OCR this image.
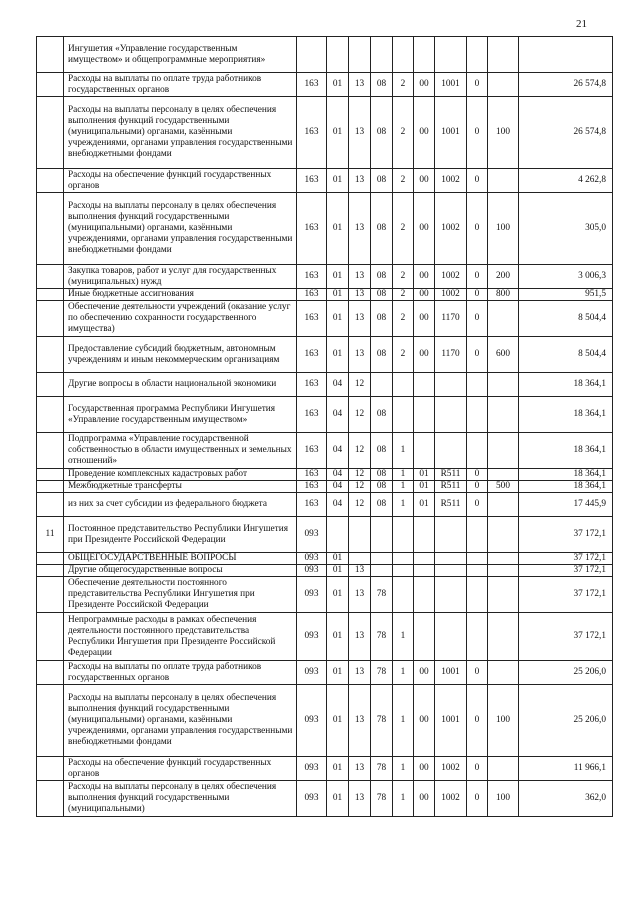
21
	Ингушетия «Управление государственным имуществом» и общепрограммные мероприятия»										
	Расходы на выплаты по оплате труда работников государственных органов	163	01	13	08	2	00	1001	0		26 574,8
	Расходы на выплаты персоналу в целях обеспечения выполнения функций государственными (муниципальными) органами, казёнными учреждениями, органами управления государственными внебюджетными фондами	163	01	13	08	2	00	1001	0	100	26 574,8
	Расходы на обеспечение функций государственных органов	163	01	13	08	2	00	1002	0		4 262,8
	Расходы на выплаты персоналу в целях обеспечения выполнения функций государственными (муниципальными) органами, казёнными учреждениями, органами управления государственными внебюджетными фондами	163	01	13	08	2	00	1002	0	100	305,0
	Закупка товаров, работ и услуг для государственных (муниципальных) нужд	163	01	13	08	2	00	1002	0	200	3 006,3
	Иные бюджетные ассигнования	163	01	13	08	2	00	1002	0	800	951,5
	Обеспечение деятельности учреждений (оказание услуг по обеспечению сохранности государственного имущества)	163	01	13	08	2	00	1170	0		8 504,4
	Предоставление субсидий бюджетным, автономным учреждениям и иным некоммерческим организациям	163	01	13	08	2	00	1170	0	600	8 504,4
	Другие вопросы в области национальной экономики	163	04	12							18 364,1
	Государственная программа Республики Ингушетия «Управление государственным имуществом»	163	04	12	08						18 364,1
	Подпрограмма «Управление государственной собственностью в области имущественных и земельных отношений»	163	04	12	08	1					18 364,1
	Проведение комплексных кадастровых работ	163	04	12	08	1	01	R511	0		18 364,1
	Межбюджетные трансферты	163	04	12	08	1	01	R511	0	500	18 364,1
	из них за счет субсидии из федерального бюджета	163	04	12	08	1	01	R511	0		17 445,9
11	Постоянное представительство Республики Ингушетия при Президенте Российской Федерации	093									37 172,1
	ОБЩЕГОСУДАРСТВЕННЫЕ ВОПРОСЫ	093	01								37 172,1
	Другие общегосударственные вопросы	093	01	13							37 172,1
	Обеспечение деятельности постоянного представительства Республики Ингушетия при Президенте Российской Федерации	093	01	13	78						37 172,1
	Непрограммные расходы в рамках обеспечения деятельности постоянного представительства Республики Ингушетия при Президенте Российской Федерации	093	01	13	78	1					37 172,1
	Расходы на выплаты по оплате труда работников государственных органов	093	01	13	78	1	00	1001	0		25 206,0
	Расходы на выплаты персоналу в целях обеспечения выполнения функций государственными (муниципальными) органами, казёнными учреждениями, органами управления государственными внебюджетными фондами	093	01	13	78	1	00	1001	0	100	25 206,0
	Расходы на обеспечение функций государственных органов	093	01	13	78	1	00	1002	0		11 966,1
	Расходы на выплаты персоналу в целях обеспечения выполнения функций государственными (муниципальными)	093	01	13	78	1	00	1002	0	100	362,0
